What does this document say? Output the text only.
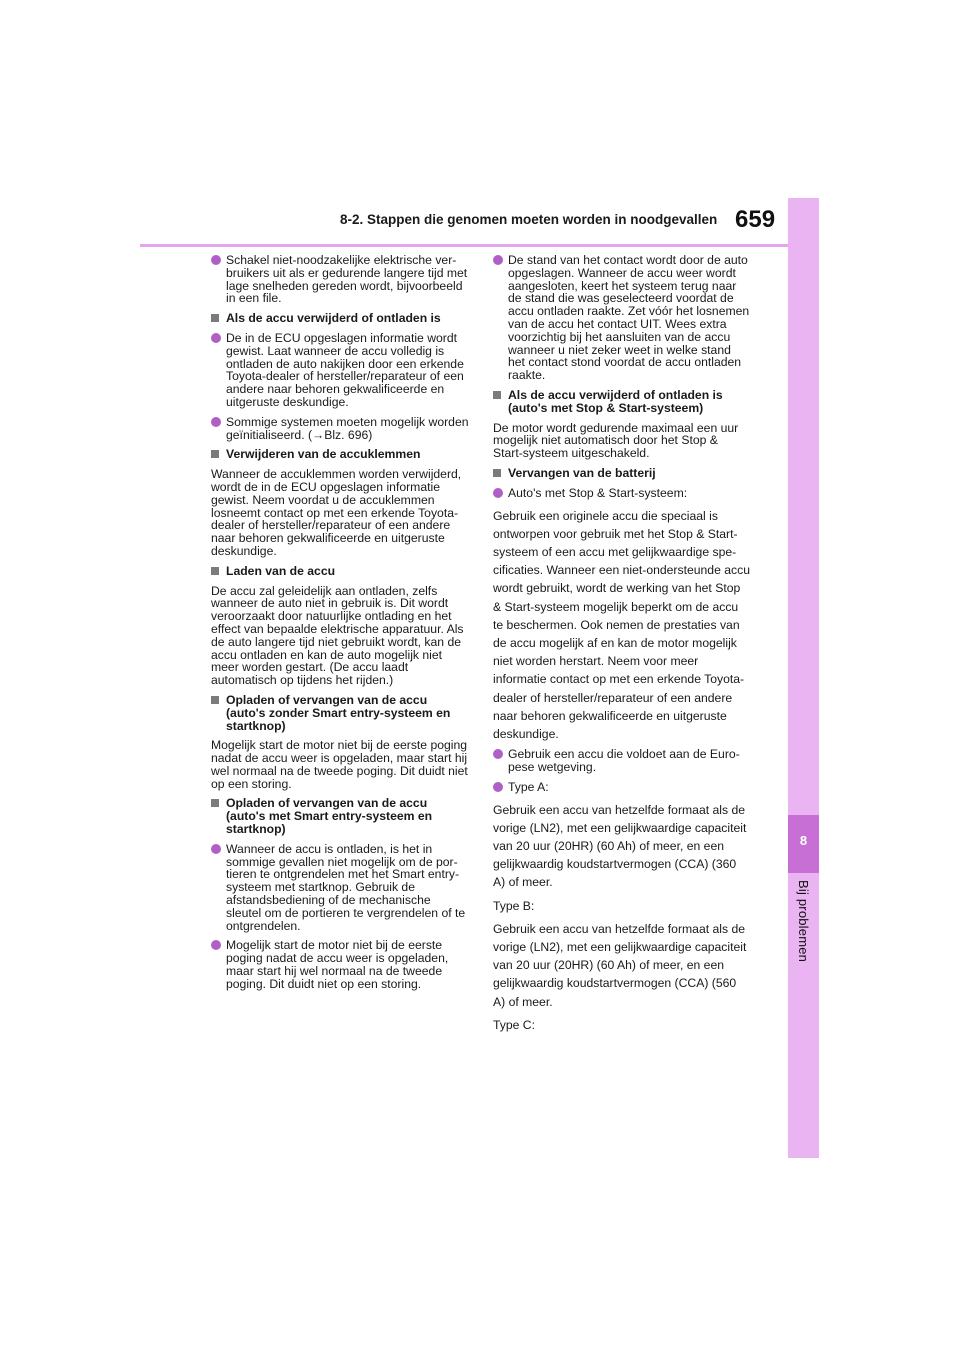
8-2. Stappen die genomen moeten worden in noodgevallen 659
8
Bij problemen
Schakel niet-noodzakelijke elektrische verbruikers uit als er gedurende langere tijd met lage snelheden gereden wordt, bijvoorbeeld in een file.
Als de accu verwijderd of ontladen is
De in de ECU opgeslagen informatie wordt gewist. Laat wanneer de accu volledig is ontladen de auto nakijken door een erkende Toyota-dealer of hersteller/reparateur of een andere naar behoren gekwalificeerde en uitgeruste deskundige.
Sommige systemen moeten mogelijk worden geïnitialiseerd. (→Blz. 696)
Verwijderen van de accuklemmen
Wanneer de accuklemmen worden verwijderd, wordt de in de ECU opgeslagen informatie gewist. Neem voordat u de accuklemmen losneemt contact op met een erkende Toyota-dealer of hersteller/reparateur of een andere naar behoren gekwalificeerde en uitgeruste deskundige.
Laden van de accu
De accu zal geleidelijk aan ontladen, zelfs wanneer de auto niet in gebruik is. Dit wordt veroorzaakt door natuurlijke ontlading en het effect van bepaalde elektrische apparatuur. Als de auto langere tijd niet gebruikt wordt, kan de accu ontladen en kan de auto mogelijk niet meer worden gestart. (De accu laadt automatisch op tijdens het rijden.)
Opladen of vervangen van de accu (auto's zonder Smart entry-systeem en startknop)
Mogelijk start de motor niet bij de eerste poging nadat de accu weer is opgeladen, maar start hij wel normaal na de tweede poging. Dit duidt niet op een storing.
Opladen of vervangen van de accu (auto's met Smart entry-systeem en startknop)
Wanneer de accu is ontladen, is het in sommige gevallen niet mogelijk om de portieren te ontgrendelen met het Smart entry-systeem met startknop. Gebruik de afstandsbediening of de mechanische sleutel om de portieren te vergrendelen of te ontgrendelen.
Mogelijk start de motor niet bij de eerste poging nadat de accu weer is opgeladen, maar start hij wel normaal na de tweede poging. Dit duidt niet op een storing.
De stand van het contact wordt door de auto opgeslagen. Wanneer de accu weer wordt aangesloten, keert het systeem terug naar de stand die was geselecteerd voordat de accu ontladen raakte. Zet vóór het losnemen van de accu het contact UIT. Wees extra voorzichtig bij het aansluiten van de accu wanneer u niet zeker weet in welke stand het contact stond voordat de accu ontladen raakte.
Als de accu verwijderd of ontladen is (auto's met Stop & Start-systeem)
De motor wordt gedurende maximaal een uur mogelijk niet automatisch door het Stop & Start-systeem uitgeschakeld.
Vervangen van de batterij
Auto's met Stop & Start-systeem:
Gebruik een originele accu die speciaal is ontworpen voor gebruik met het Stop & Start-systeem of een accu met gelijkwaardige specificaties. Wanneer een niet-ondersteunde accu wordt gebruikt, wordt de werking van het Stop & Start-systeem mogelijk beperkt om de accu te beschermen. Ook nemen de prestaties van de accu mogelijk af en kan de motor mogelijk niet worden herstart. Neem voor meer informatie contact op met een erkende Toyota-dealer of hersteller/reparateur of een andere naar behoren gekwalificeerde en uitgeruste deskundige.
Gebruik een accu die voldoet aan de Europese wetgeving.
Type A:
Gebruik een accu van hetzelfde formaat als de vorige (LN2), met een gelijkwaardige capaciteit van 20 uur (20HR) (60 Ah) of meer, en een gelijkwaardig koudstartvermogen (CCA) (360 A) of meer.
Type B:
Gebruik een accu van hetzelfde formaat als de vorige (LN2), met een gelijkwaardige capaciteit van 20 uur (20HR) (60 Ah) of meer, en een gelijkwaardig koudstartvermogen (CCA) (560 A) of meer.
Type C:
